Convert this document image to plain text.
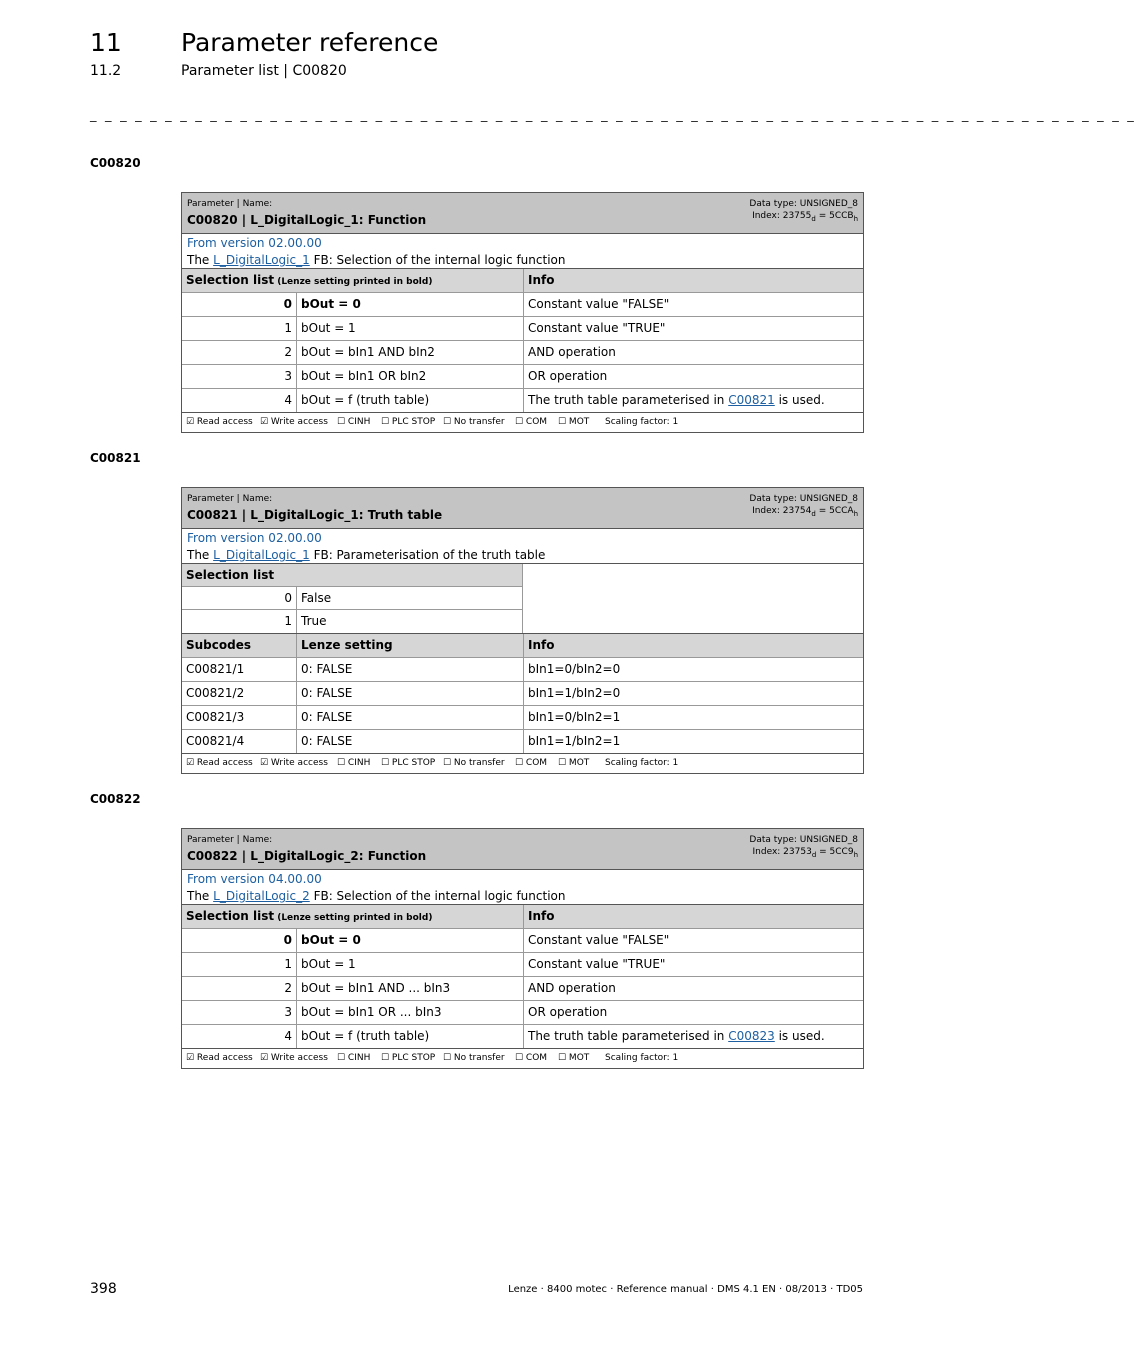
11 Parameter reference
11.2	Parameter list | C00820
_ _ _ _ _ _ _ _ _ _ _ _ _ _ _ _ _ _ _ _ _ _ _ _ _ _ _ _ _ _ _ _ _ _ _ _ _ _ _ _ _ _ _ _ _ _ _ _ _ _ _ _ _ _ _ _ _ _ _ _ _ _ _ _ _ _ _ _ _ _
C00820
Parameter | Name:
C00820 | L_DigitalLogic_1: Function
Data type: UNSIGNED_8
Index: $23755_d = 5CCB_h$
From version 02.00.00
The L_DigitalLogic_1 FB: Selection of the internal logic function
Selection list (Lenze setting printed in bold)	Info
0 bOut = 0	Constant value "FALSE"
1 bOut = 1	Constant value "TRUE"
2 bOut = bIn1 AND bIn2	AND operation
3 bOut = bIn1 OR bIn2	OR operation
4 bOut = f (truth table)	The truth table parameterised in C00821 is used.
☑ Read access ☑ Write access ☐ CINH ☐ PLC STOP ☐ No transfer ☐ COM ☐ MOT Scaling factor: 1
C00821
Parameter | Name:
C00821 | L_DigitalLogic_1: Truth table
Data type: UNSIGNED_8
Index: $23754_d = 5CCA_h$
From version 02.00.00
The L_DigitalLogic_1 FB: Parameterisation of the truth table
Selection list
0 False
1 True
Subcodes	Lenze setting	Info
C00821/1	0: FALSE	bIn1=0/bIn2=0
C00821/2	0: FALSE	bIn1=1/bIn2=0
C00821/3	0: FALSE	bIn1=0/bIn2=1
C00821/4	0: FALSE	bIn1=1/bIn2=1
☑ Read access ☑ Write access ☐ CINH ☐ PLC STOP ☐ No transfer ☐ COM ☐ MOT Scaling factor: 1
C00822
Parameter | Name:
C00822 | L_DigitalLogic_2: Function
Data type: UNSIGNED_8
Index: $23753_d = 5CC9_h$
From version 04.00.00
The L_DigitalLogic_2 FB: Selection of the internal logic function
Selection list (Lenze setting printed in bold)	Info
0 bOut = 0	Constant value "FALSE"
1 bOut = 1	Constant value "TRUE"
2 bOut = bIn1 AND ... bIn3	AND operation
3 bOut = bIn1 OR ... bIn3	OR operation
4 bOut = f (truth table)	The truth table parameterised in C00823 is used.
☑ Read access ☑ Write access ☐ CINH ☐ PLC STOP ☐ No transfer ☐ COM ☐ MOT Scaling factor: 1
398	Lenze · 8400 motec · Reference manual · DMS 4.1 EN · 08/2013 · TD05
